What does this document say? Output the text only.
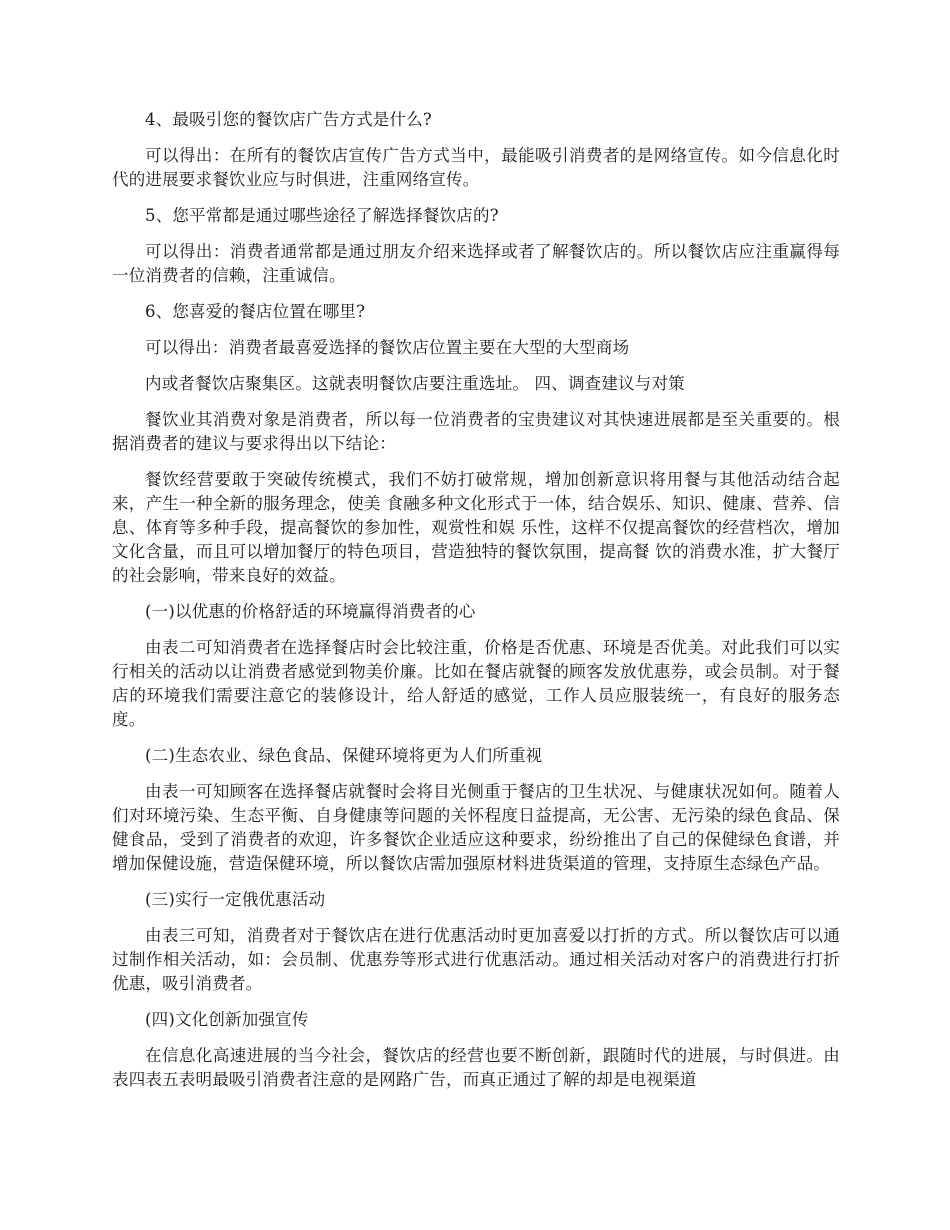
4、最吸引您的餐饮店广告方式是什么?

可以得出：在所有的餐饮店宣传广告方式当中，最能吸引消费者的是网络宣传。如今信息化时代的进展要求餐饮业应与时俱进，注重网络宣传。

5、您平常都是通过哪些途径了解选择餐饮店的?

可以得出：消费者通常都是通过朋友介绍来选择或者了解餐饮店的。所以餐饮店应注重赢得每一位消费者的信赖，注重诚信。

6、您喜爱的餐店位置在哪里?

可以得出：消费者最喜爱选择的餐饮店位置主要在大型的大型商场

内或者餐饮店聚集区。这就表明餐饮店要注重选址。 四、调查建议与对策

餐饮业其消费对象是消费者，所以每一位消费者的宝贵建议对其快速进展都是至关重要的。根据消费者的建议与要求得出以下结论：

餐饮经营要敢于突破传统模式，我们不妨打破常规，增加创新意识将用餐与其他活动结合起来，产生一种全新的服务理念，使美 食融多种文化形式于一体，结合娱乐、知识、健康、营养、信息、体育等多种手段，提高餐饮的参加性，观赏性和娱 乐性，这样不仅提高餐饮的经营档次，增加文化含量，而且可以增加餐厅的特色项目，营造独特的餐饮氛围，提高餐 饮的消费水准，扩大餐厅的社会影响，带来良好的效益。

(一)以优惠的价格舒适的环境赢得消费者的心

由表二可知消费者在选择餐店时会比较注重，价格是否优惠、环境是否优美。对此我们可以实行相关的活动以让消费者感觉到物美价廉。比如在餐店就餐的顾客发放优惠券，或会员制。对于餐店的环境我们需要注意它的装修设计，给人舒适的感觉，工作人员应服装统一，有良好的服务态度。

(二)生态农业、绿色食品、保健环境将更为人们所重视

由表一可知顾客在选择餐店就餐时会将目光侧重于餐店的卫生状况、与健康状况如何。随着人们对环境污染、生态平衡、自身健康等问题的关怀程度日益提高，无公害、无污染的绿色食品、保健食品，受到了消费者的欢迎，许多餐饮企业适应这种要求，纷纷推出了自己的保健绿色食谱，并增加保健设施，营造保健环境，所以餐饮店需加强原材料进货渠道的管理，支持原生态绿色产品。

(三)实行一定俄优惠活动

由表三可知，消费者对于餐饮店在进行优惠活动时更加喜爱以打折的方式。所以餐饮店可以通过制作相关活动，如：会员制、优惠券等形式进行优惠活动。通过相关活动对客户的消费进行打折优惠，吸引消费者。

(四)文化创新加强宣传

在信息化高速进展的当今社会，餐饮店的经营也要不断创新，跟随时代的进展，与时俱进。由表四表五表明最吸引消费者注意的是网路广告，而真正通过了解的却是电视渠道
